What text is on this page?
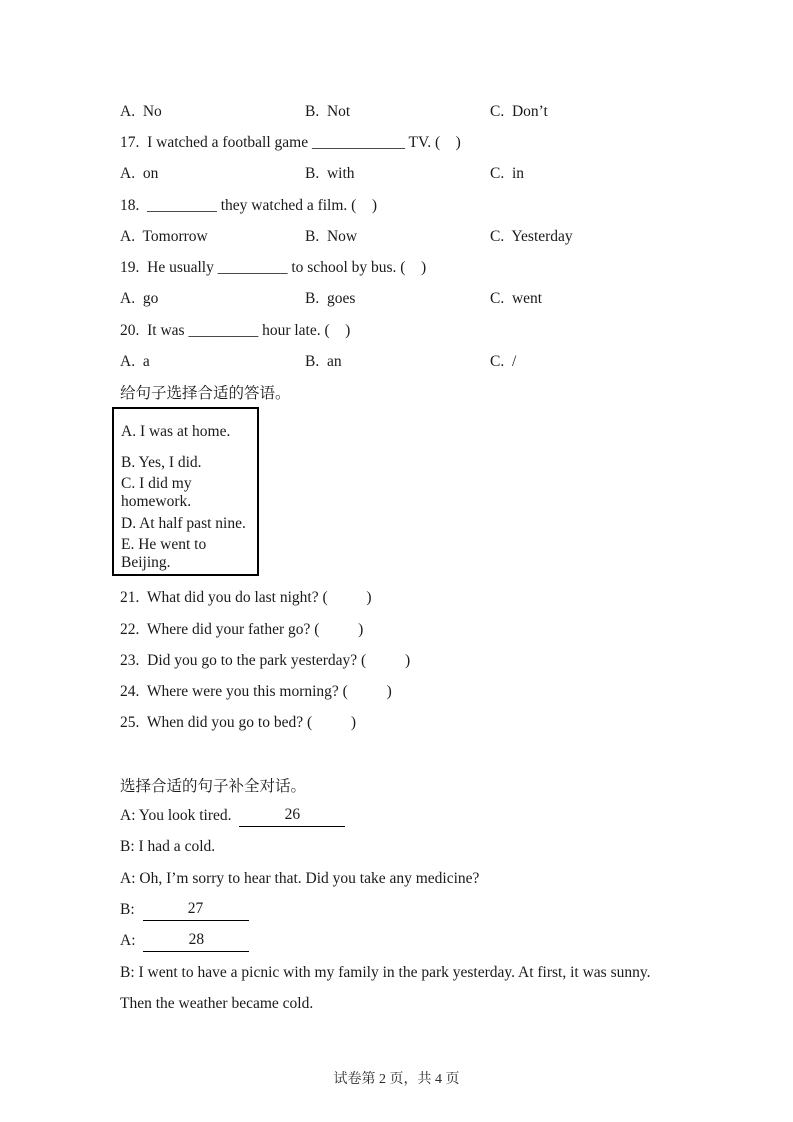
A.  No	B.  Not	C.  Don’t
17.  I watched a football game ____________ TV. (    )
A.  on	B.  with	C.  in
18.  _________ they watched a film. (    )
A.  Tomorrow	B.  Now	C.  Yesterday
19.  He usually _________ to school by bus. (    )
A.  go	B.  goes	C.  went
20.  It was _________ hour late. (    )
A.  a	B.  an	C.  /
给句子选择合适的答语。
A. I was at home.
B. Yes, I did.
C. I did my homework.
D. At half past nine.
E. He went to Beijing.
21.  What did you do last night? (          )
22.  Where did your father go? (          )
23.  Did you go to the park yesterday? (          )
24.  Where were you this morning? (          )
25.  When did you go to bed? (          )
选择合适的句子补全对话。
A: You look tired.	26
B: I had a cold.
A: Oh, I’m sorry to hear that. Did you take any medicine?
B:	27
A:	28
B: I went to have a picnic with my family in the park yesterday. At first, it was sunny. Then the weather became cold.
试卷第 2 页，共 4 页
